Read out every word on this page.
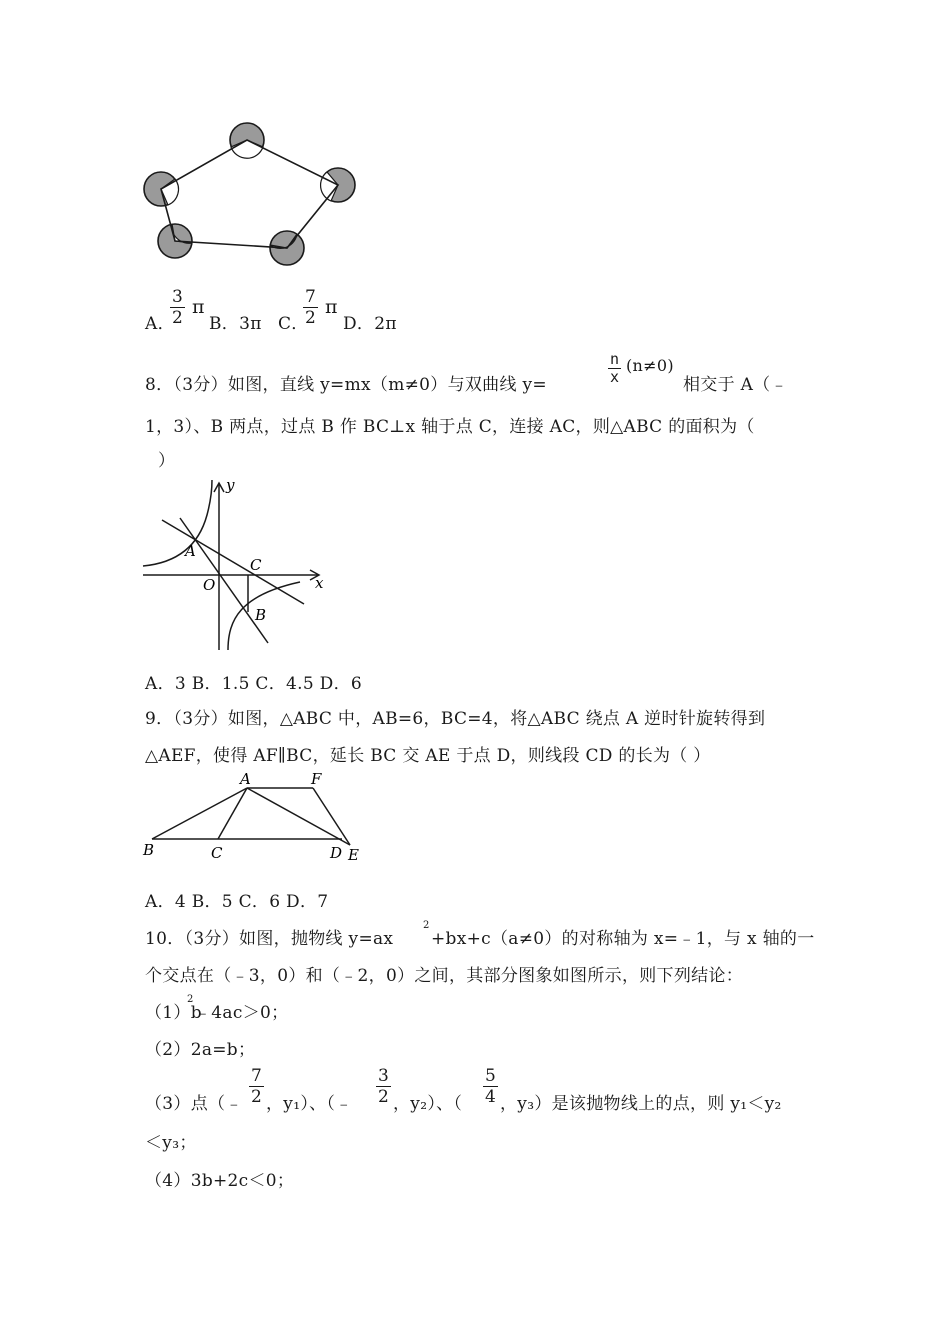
A．
$\frac{3}{2}$ π
B．3π C．
$\frac{7}{2}$ π
D．2π
8．（3分）如图，直线 y=mx（m≠0）与双曲线 y=	$\frac{n}{x} (n\ne 0)$
相交于 A（﹣
1，3）、B 两点，过点 B 作 BC⊥x 轴于点 C，连接 AC，则△ABC 的面积为（
）
y
x
A
O
C
B
A．3 B．1.5 C．4.5 D．6
9．（3分）如图，△ABC 中，AB=6，BC=4，将△ABC 绕点 A 逆时针旋转得到
△AEF，使得 AF∥BC，延长 BC 交 AE 于点 D，则线段 CD 的长为（ ）
A	F
B	C	D E
A．4 B．5 C．6 D．7
10．（3分）如图，抛物线 y=ax
2
+bx+c（a≠0）的对称轴为 x=﹣1，与 x 轴的一
个交点在（﹣3，0）和（﹣2，0）之间，其部分图象如图所示，则下列结论：
（1）b
2
﹣4ac＞0；
（2）2a=b；
（3）点（﹣ $\frac{7}{2}$ ，y₁）、（﹣ $\frac{3}{2}$ ，y₂）、（ $\frac{5}{4}$ ，y₃）是该抛物线上的点，则 y₁＜y₂
＜y₃；
（4）3b+2c＜0；
